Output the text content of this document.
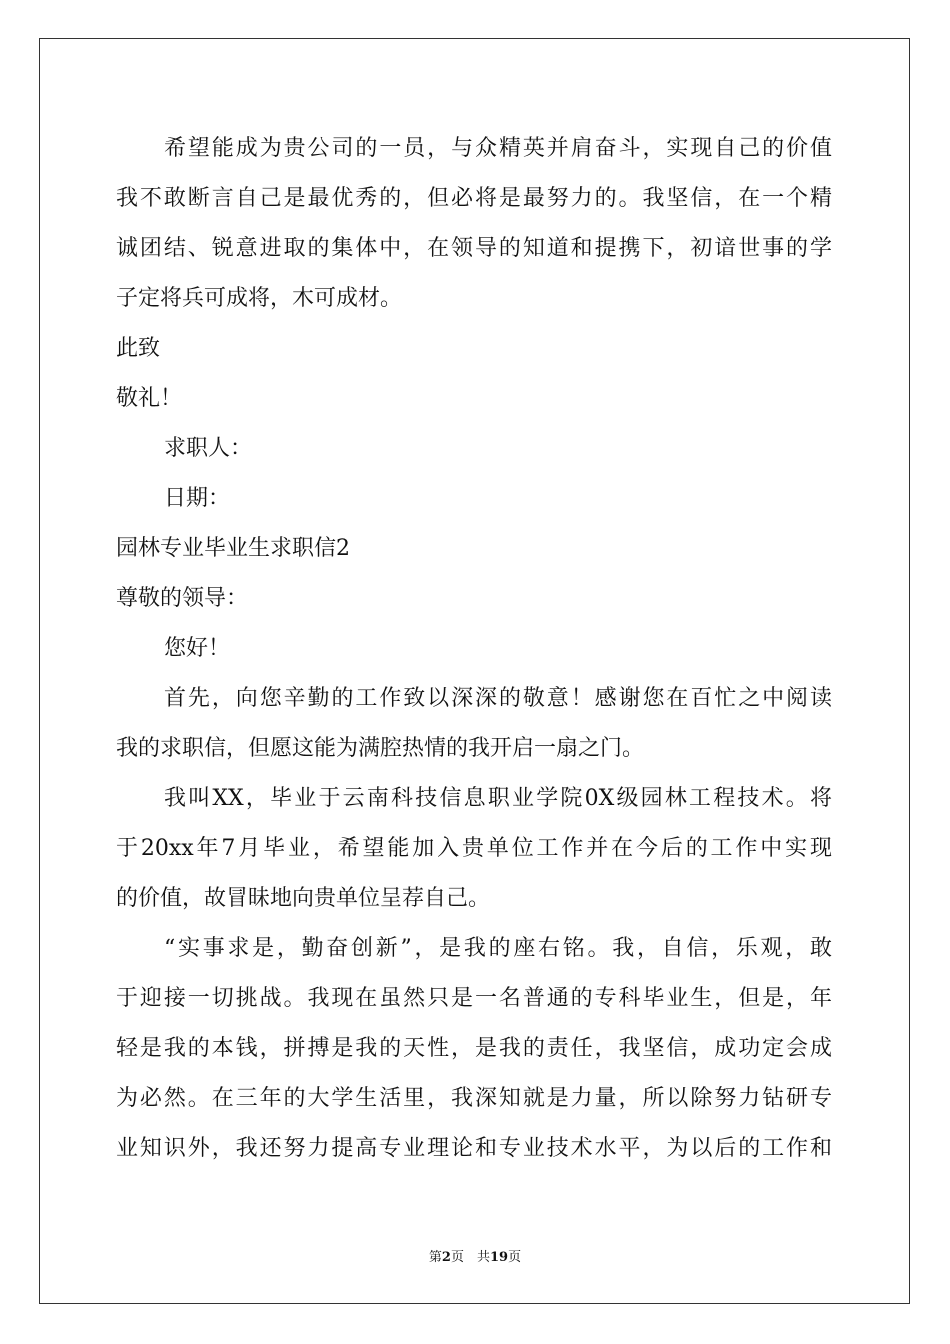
希望能成为贵公司的一员，与众精英并肩奋斗，实现自己的价值
我不敢断言自己是最优秀的，但必将是最努力的。我坚信，在一个精
诚团结、锐意进取的集体中，在领导的知道和提携下，初谙世事的学
子定将兵可成将，木可成材。
此致
敬礼！
求职人：
日期：
园林专业毕业生求职信2
尊敬的领导：
您好！
首先，向您辛勤的工作致以深深的敬意！感谢您在百忙之中阅读
我的求职信，但愿这能为满腔热情的我开启一扇之门。
我叫XX，毕业于云南科技信息职业学院0X级园林工程技术。将
于20xx年7月毕业，希望能加入贵单位工作并在今后的工作中实现
的价值，故冒昧地向贵单位呈荐自己。
“实事求是，勤奋创新”，是我的座右铭。我，自信，乐观，敢
于迎接一切挑战。我现在虽然只是一名普通的专科毕业生，但是，年
轻是我的本钱，拼搏是我的天性，是我的责任，我坚信，成功定会成
为必然。在三年的大学生活里，我深知就是力量，所以除努力钻研专
业知识外，我还努力提高专业理论和专业技术水平，为以后的工作和
第2页　共19页
